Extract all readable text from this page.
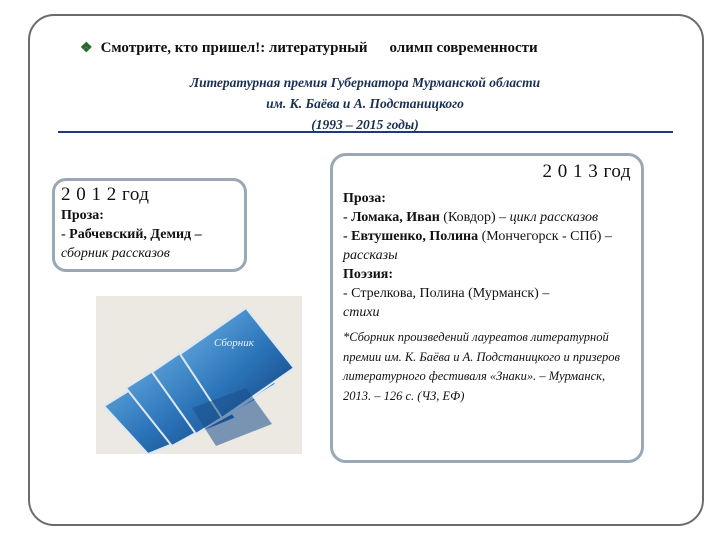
❖ Смотрите, кто пришел!: литературный олимп современности
Литературная премия Губернатора Мурманской области
им. К. Баёва и А. Подстаницкого
(1993 – 2015 годы)
2 0 1 2 год
Проза:
- Рабчевский, Демид –
сборник рассказов
Сборник
2 0 1 3 год
Проза:
- Ломака, Иван (Ковдор) – цикл рассказов
- Евтушенко, Полина (Мончегорск - СПб) – рассказы
Поэзия:
- Стрелкова, Полина (Мурманск) –
стихи
*Сборник произведений лауреатов литературной премии им. К. Баёва и А. Подстаницкого и призеров литературного фестиваля «Знаки». – Мурманск, 2013. – 126 с. (ЧЗ, ЕФ)
